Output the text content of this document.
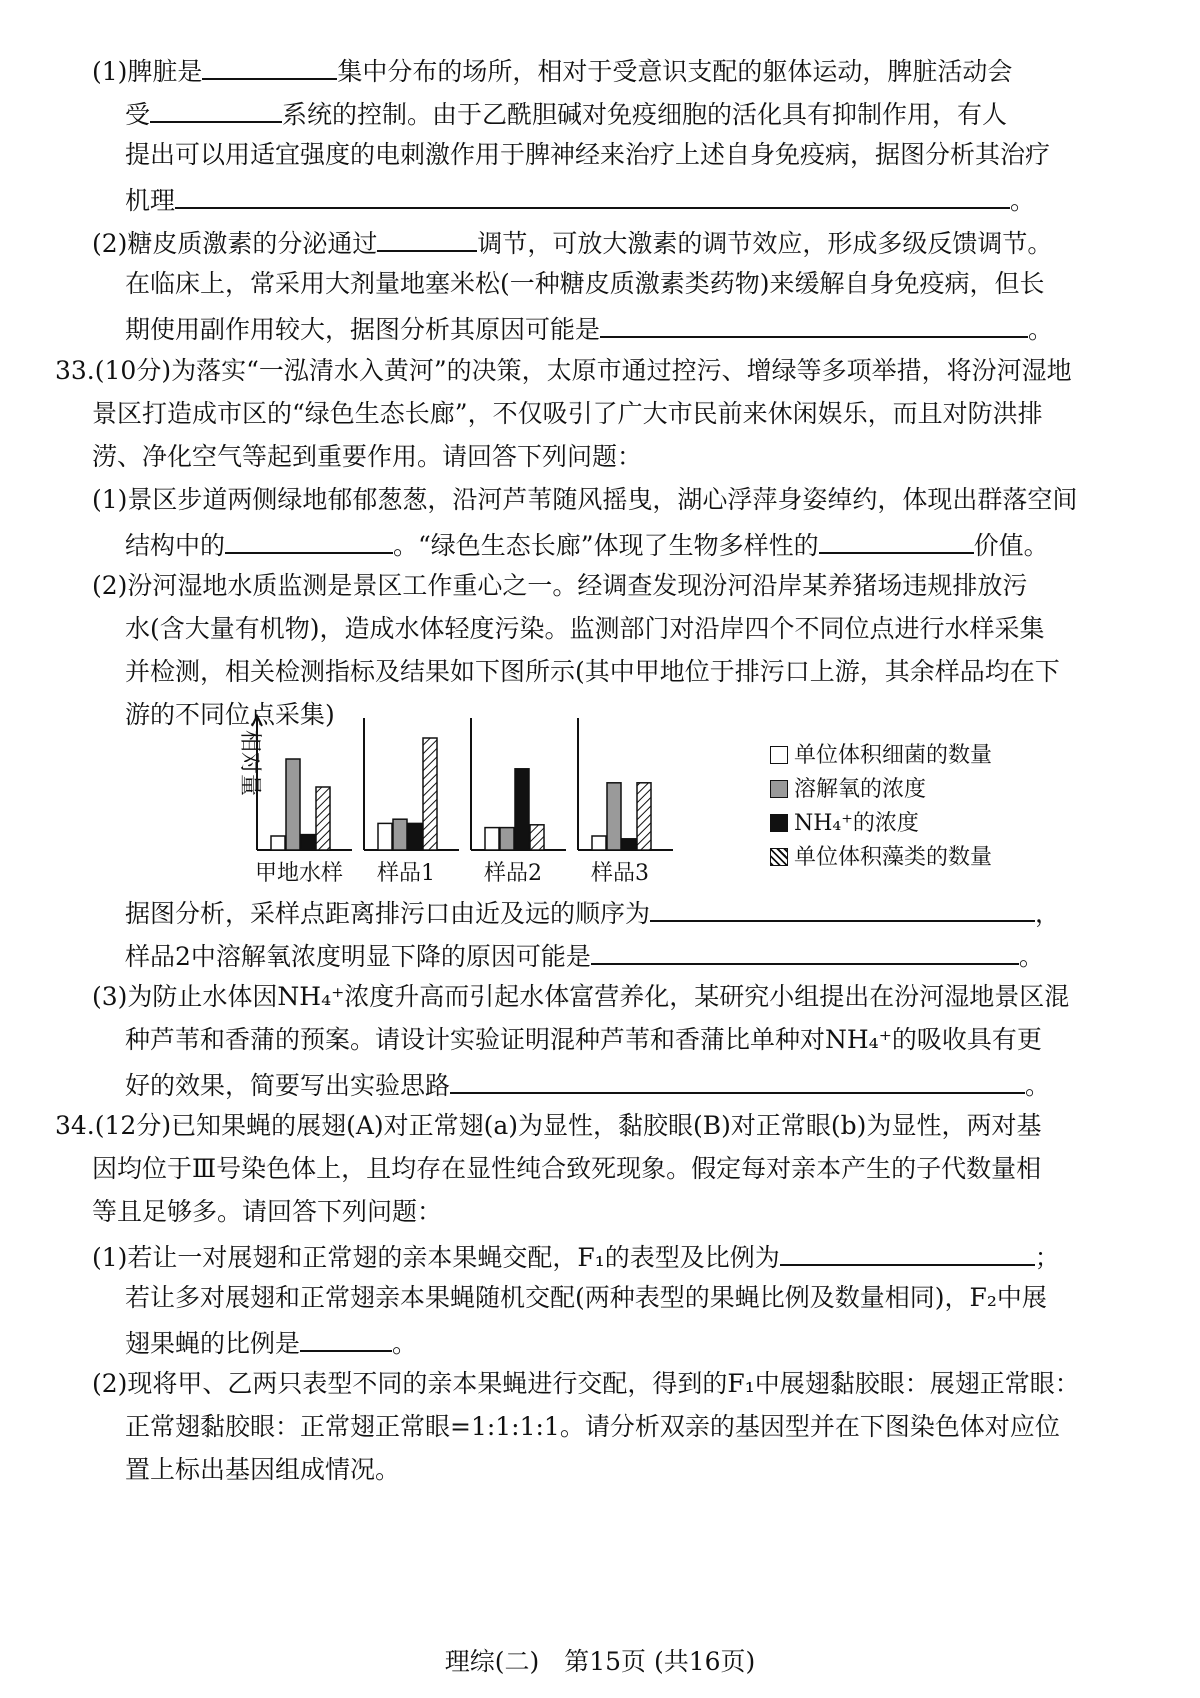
(1)脾脏是	集中分布的场所，相对于受意识支配的躯体运动，脾脏活动会
受	系统的控制。由于乙酰胆碱对免疫细胞的活化具有抑制作用，有人
提出可以用适宜强度的电刺激作用于脾神经来治疗上述自身免疫病，据图分析其治疗
机理	。
(2)糖皮质激素的分泌通过	调节，可放大激素的调节效应，形成多级反馈调节。
在临床上，常采用大剂量地塞米松(一种糖皮质激素类药物)来缓解自身免疫病，但长
期使用副作用较大，据图分析其原因可能是	。
33.(10分)为落实“一泓清水入黄河”的决策，太原市通过控污、增绿等多项举措，将汾河湿地
景区打造成市区的“绿色生态长廊”，不仅吸引了广大市民前来休闲娱乐，而且对防洪排
涝、净化空气等起到重要作用。请回答下列问题：
(1)景区步道两侧绿地郁郁葱葱，沿河芦苇随风摇曳，湖心浮萍身姿绰约，体现出群落空间
结构中的	。“绿色生态长廊”体现了生物多样性的	价值。
(2)汾河湿地水质监测是景区工作重心之一。经调查发现汾河沿岸某养猪场违规排放污
水(含大量有机物)，造成水体轻度污染。监测部门对沿岸四个不同位点进行水样采集
并检测，相关检测指标及结果如下图所示(其中甲地位于排污口上游，其余样品均在下
游的不同位点采集)
相对量
甲地水样 样品1 样品2 样品3
单位体积细菌的数量
溶解氧的浓度
NH₄⁺的浓度
单位体积藻类的数量
据图分析，采样点距离排污口由近及远的顺序为	，
样品2中溶解氧浓度明显下降的原因可能是	。
(3)为防止水体因NH₄⁺浓度升高而引起水体富营养化，某研究小组提出在汾河湿地景区混
种芦苇和香蒲的预案。请设计实验证明混种芦苇和香蒲比单种对NH₄⁺的吸收具有更
好的效果，简要写出实验思路	。
34.(12分)已知果蝇的展翅(A)对正常翅(a)为显性，黏胶眼(B)对正常眼(b)为显性，两对基
因均位于Ⅲ号染色体上，且均存在显性纯合致死现象。假定每对亲本产生的子代数量相
等且足够多。请回答下列问题：
(1)若让一对展翅和正常翅的亲本果蝇交配，F₁的表型及比例为	；
若让多对展翅和正常翅亲本果蝇随机交配(两种表型的果蝇比例及数量相同)，F₂中展
翅果蝇的比例是	。
(2)现将甲、乙两只表型不同的亲本果蝇进行交配，得到的F₁中展翅黏胶眼：展翅正常眼：
正常翅黏胶眼：正常翅正常眼=1:1:1:1。请分析双亲的基因型并在下图染色体对应位
置上标出基因组成情况。
理综(二)　第15页 (共16页)
